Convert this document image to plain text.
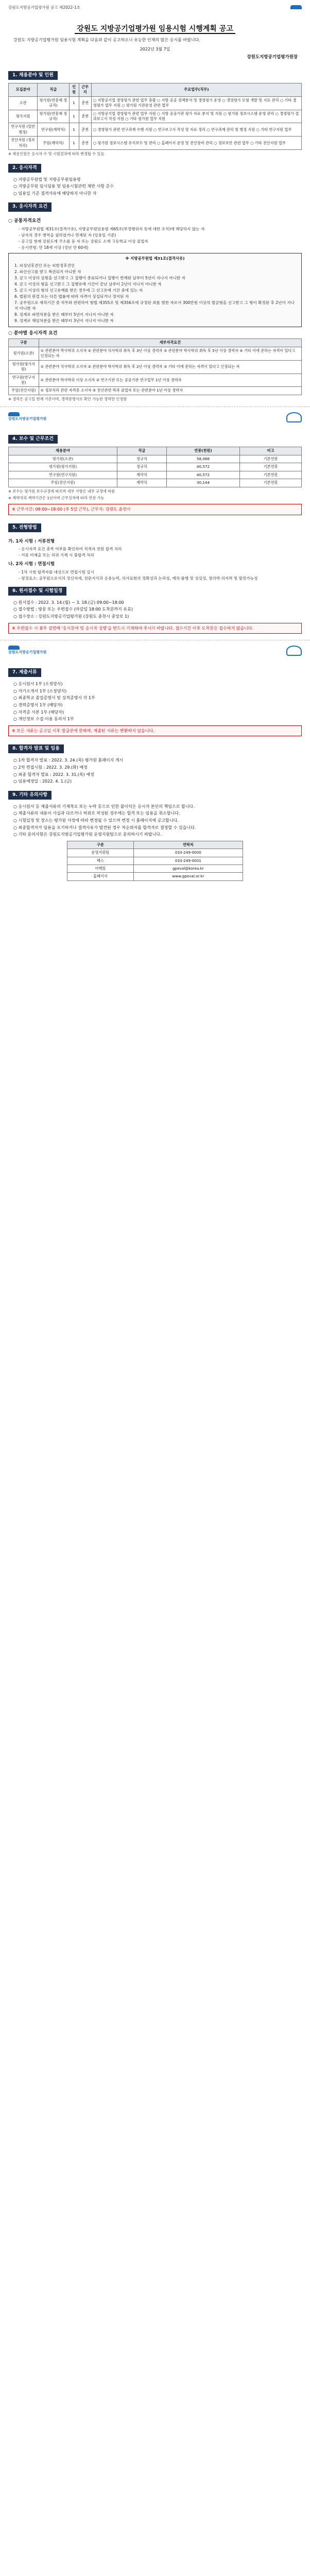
강원도지방공기업평가원 공고 제2022-1호
강원도 지방공기업평가원 임용시험 시행계획 공고
강원도 지방공기업평가원 임용시험 계획을 다음과 같이 공고하오니 유능한 인재의 많은 응시를 바랍니다.
2022년 3월 7일
강원도지방공기업평가원장
1. 채용분야 및 인원
모집분야	직급	인원	근무지	주요업무(직무)
소관	평가원(연봉제 정규직)	1	춘천	○ 지방공기업 경영평가 관련 업무 총괄 ○ 지방 공공 정책분석 및 경영평가 운영 ○ 경영평가 모형 개발 및 지표 관리 ○ 기타 경영평가 업무 지원 ○ 평가원 기관운영 관련 업무
평가지원	평가원(연봉제 정규직)	1	춘천	○ 지방공기업 경영평가 관련 업무 지원 ○ 지방 공공기관 평가 자료 분석 및 지원 ○ 평가원 정보시스템 운영 관리 ○ 경영평가 결과보고서 작성 지원 ○ 기타 평가원 업무 지원
연구지원 (일반행정)	연구원(계약직)	1	춘천	○ 경영평가 관련 연구과제 수행 지원 ○ 연구보고서 작성 및 자료 정리 ○ 연구과제 관리 및 행정 지원 ○ 기타 연구지원 업무
전산지원 (정보처리)	주임(계약직)	1	춘천	○ 평가원 정보시스템 유지보수 및 관리 ○ 홈페이지 운영 및 전산장비 관리 ○ 정보보안 관련 업무 ○ 기타 전산지원 업무
※ 채용인원은 응시자 수 및 시험결과에 따라 변경될 수 있음
2. 응시자격
○ 지방공무원법 및 지방공무원임용령
○ 지방공무원 임시임용 및 임용시험관련 제반 사항 준수
○ 임용일 기준 결격사유에 해당하지 아니한 자
3. 응시자격 요건
○ 공통자격요건
- 지방공무원법 제31조(결격사유), 지방공무원임용령 제65조(부정행위자 등에 대한 조치)에 해당하지 않는 자
- 남자의 경우 병역을 필하였거나 면제된 자 (임용일 기준)
- 공고일 현재 강원도에 주소를 둔 자 또는 강원도 소재 고등학교 이상 졸업자
- 응시연령: 만 18세 이상 (정년 만 60세)
※ 지방공무원법 제31조(결격사유)
1. 피성년후견인 또는 피한정후견인
2. 파산선고를 받고 복권되지 아니한 자
3. 금고 이상의 실형을 선고받고 그 집행이 종료되거나 집행이 면제된 날부터 5년이 지나지 아니한 자
4. 금고 이상의 형을 선고받고 그 집행유예 기간이 끝난 날부터 2년이 지나지 아니한 자
5. 금고 이상의 형의 선고유예를 받은 경우에 그 선고유예 기간 중에 있는 자
6. 법원의 판결 또는 다른 법률에 따라 자격이 상실되거나 정지된 자
7. 공무원으로 재직기간 중 직무와 관련하여 형법 제355조 및 제356조에 규정된 죄를 범한 자로서 300만원 이상의 벌금형을 선고받고 그 형이 확정된 후 2년이 지나지 아니한 자
8. 징계로 파면처분을 받은 때부터 5년이 지나지 아니한 자
9. 징계로 해임처분을 받은 때부터 3년이 지나지 아니한 자
○ 분야별 응시자격 요건
구분	세부자격요건
평가원(소관)	① 관련분야 박사학위 소지자 ② 관련분야 석사학위 취득 후 3년 이상 경력자 ③ 관련분야 학사학위 취득 후 5년 이상 경력자 ④ 기타 이에 준하는 자격이 있다고 인정되는 자
평가원(평가지원)	① 관련분야 석사학위 소지자 ② 관련분야 학사학위 취득 후 2년 이상 경력자 ③ 기타 이에 준하는 자격이 있다고 인정되는 자
연구원(연구지원)	① 관련분야 학사학위 이상 소지자 ② 연구기관 또는 공공기관 연구업무 1년 이상 경력자
주임(전산지원)	① 정보처리 관련 자격증 소지자 ② 전산관련 학과 졸업자 또는 관련분야 1년 이상 경력자
※ 경력은 공고일 현재 기준이며, 경력증명서로 확인 가능한 경력만 인정함
강원도지방공기업평가원
4. 보수 및 근무조건
채용분야	직급	연봉(천원)	비고
평가원(소관)	정규직	58,066	기본연봉
평가원(평가지원)	정규직	40,572	기본연봉
연구원(연구지원)	계약직	40,572	기본연봉
주임(전산지원)	계약직	30,144	기본연봉
※ 보수는 평가원 보수규정에 따르며 세부 사항은 내부 규정에 따름
※ 계약직의 계약기간은 1년이며 근무실적에 따라 연장 가능
※ 근무시간: 09:00~18:00 (주 5일 근무), 근무지: 강원도 춘천시
5. 전형방법
가. 1차 시험 : 서류전형
- 응시자격 요건 충족 여부를 확인하여 적격자 전원 합격 처리
- 서류 미제출 또는 허위 기재 시 불합격 처리
나. 2차 시험 : 면접시험
- 1차 시험 합격자를 대상으로 면접시험 실시
- 평정요소: 공무원으로서의 정신자세, 전문지식과 응용능력, 의사표현의 정확성과 논리성, 예의·품행 및 성실성, 창의력·의지력 및 발전가능성
6. 원서접수 및 시험일정
○ 원서접수 : 2022. 3. 14.(월) ~ 3. 18.(금) 09:00~18:00
○ 접수방법 : 방문 또는 우편접수 (마감일 18:00 도착분까지 유효)
○ 접수장소 : 강원도지방공기업평가원 (강원도 춘천시 중앙로 1)
※ 우편접수 시 봉투 겉면에 '응시분야 및 응시자 성명'을 반드시 기재하여 주시기 바랍니다. 접수기간 이후 도착분은 접수하지 않습니다.
강원도지방공기업평가원
7. 제출서류
○ 응시원서 1부 (소정양식)
○ 자기소개서 1부 (소정양식)
○ 최종학교 졸업증명서 및 성적증명서 각 1부
○ 경력증명서 1부 (해당자)
○ 자격증 사본 1부 (해당자)
○ 개인정보 수집·이용 동의서 1부
※ 모든 서류는 공고일 이후 발급분에 한하며, 제출된 서류는 반환하지 않습니다.
8. 합격자 발표 및 임용
○ 1차 합격자 발표 : 2022. 3. 24.(목) 평가원 홈페이지 게시
○ 2차 면접시험 : 2022. 3. 29.(화) 예정
○ 최종 합격자 발표 : 2022. 3. 31.(목) 예정
○ 임용예정일 : 2022. 4. 1.(금)
9. 기타 유의사항
○ 응시원서 등 제출서류의 기재착오 또는 누락 등으로 인한 불이익은 응시자 본인의 책임으로 합니다.
○ 제출서류의 내용이 사실과 다르거나 허위로 작성된 경우에는 합격 또는 임용을 취소합니다.
○ 시험일정 및 장소는 평가원 사정에 따라 변경될 수 있으며 변경 시 홈페이지에 공고합니다.
○ 최종합격자가 임용을 포기하거나 결격사유가 발견된 경우 차순위자를 합격자로 결정할 수 있습니다.
○ 기타 문의사항은 강원도지방공기업평가원 운영지원팀으로 문의하시기 바랍니다.
구분	연락처
운영지원팀	033-249-0000
팩스	033-249-0001
이메일	gpeval@korea.kr
홈페이지	www.gpeval.or.kr
